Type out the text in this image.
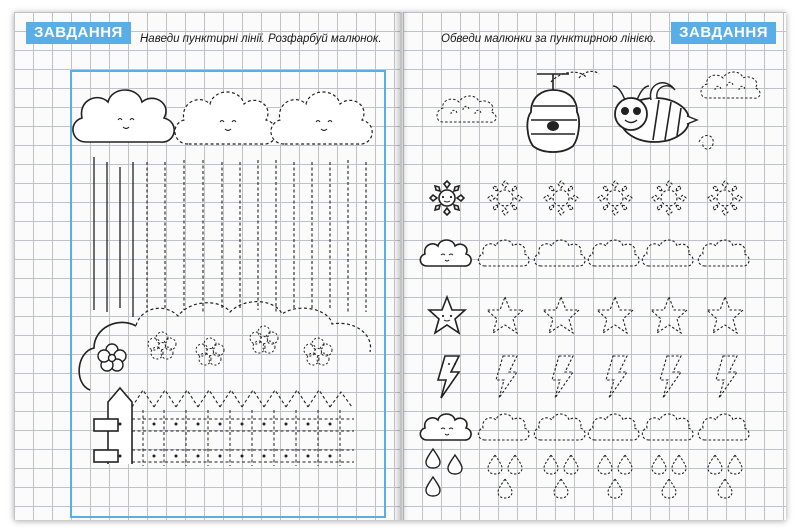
ЗАВДАННЯ	Наведи пунктирні лінії. Розфарбуй малюнок.	Обведи малюнки за пунктирною лінією.	ЗАВДАННЯ
